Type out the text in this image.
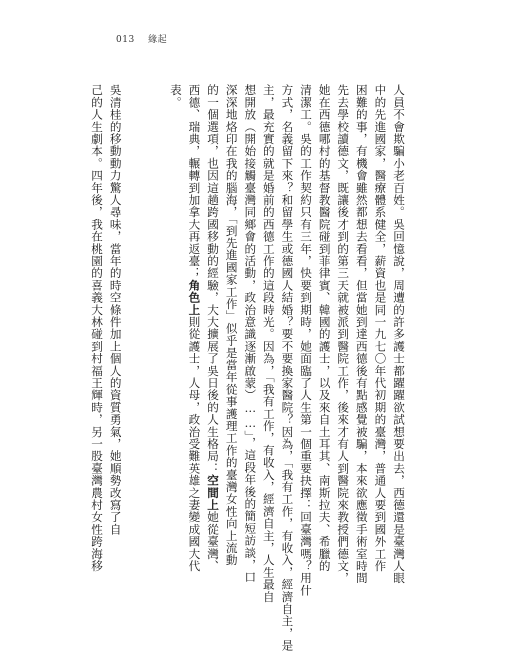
013 緣起
人員不會欺騙小老百姓。吳回憶說，周遭的許多護士都躍躍欲試想要出去，西德還是臺灣人眼
中的先進國家，醫療體系健全，薪資也是同一九七〇年代初期的臺灣，普通人要到國外工作
困難的事，有機會雖然都想去看看，但當她到達西德後有點感覺被騙，本來欲應徵手術室時間
先去學校讀德文，既讓後才到的第三天就被派到醫院工作，後來才有人到醫院來教授們德文，
她在西德哪村的基督教醫院碰到菲律賓、韓國的護士，以及來自土耳其、南斯拉夫、希臘的
清潔工。吳的工作契約只有三年，快要到期時，她面臨了人生第一個重要抉擇：回臺灣嗎？用什
方式，名義留下來？和留學生或德國人結婚？要不要換家醫院？因為，「我有工作，有收入，經濟自主，是
主，最充實的就是婚前的西德工作的這段時光。因為，「我有工作，有收入，經濟自主，人生最自
想開放（開始接觸臺灣同鄉會的活動，政治意識逐漸啟蒙）……」，這段年後的簡短訪談，口
深深地烙印在我的腦海，「到先進國家工作」似乎是當年從事護理工作的臺灣女性向上流動
的一個選項，也因這趟跨國移動的經驗，大大擴展了吳日後的人生格局：空間上她從臺灣、
西德、瑞典，輾轉到加拿大再返臺；角色上則從護士，人母，政治受難英雄之妻變成國大代
表。
吳清桂的移動動力驚人尋味，當年的時空條件加上個人的資質勇氣，她順勢改寫了自
己的人生劇本。四年後，我在桃園的喜義大林碰到村福王輝時，另一股臺灣農村女性跨海移
